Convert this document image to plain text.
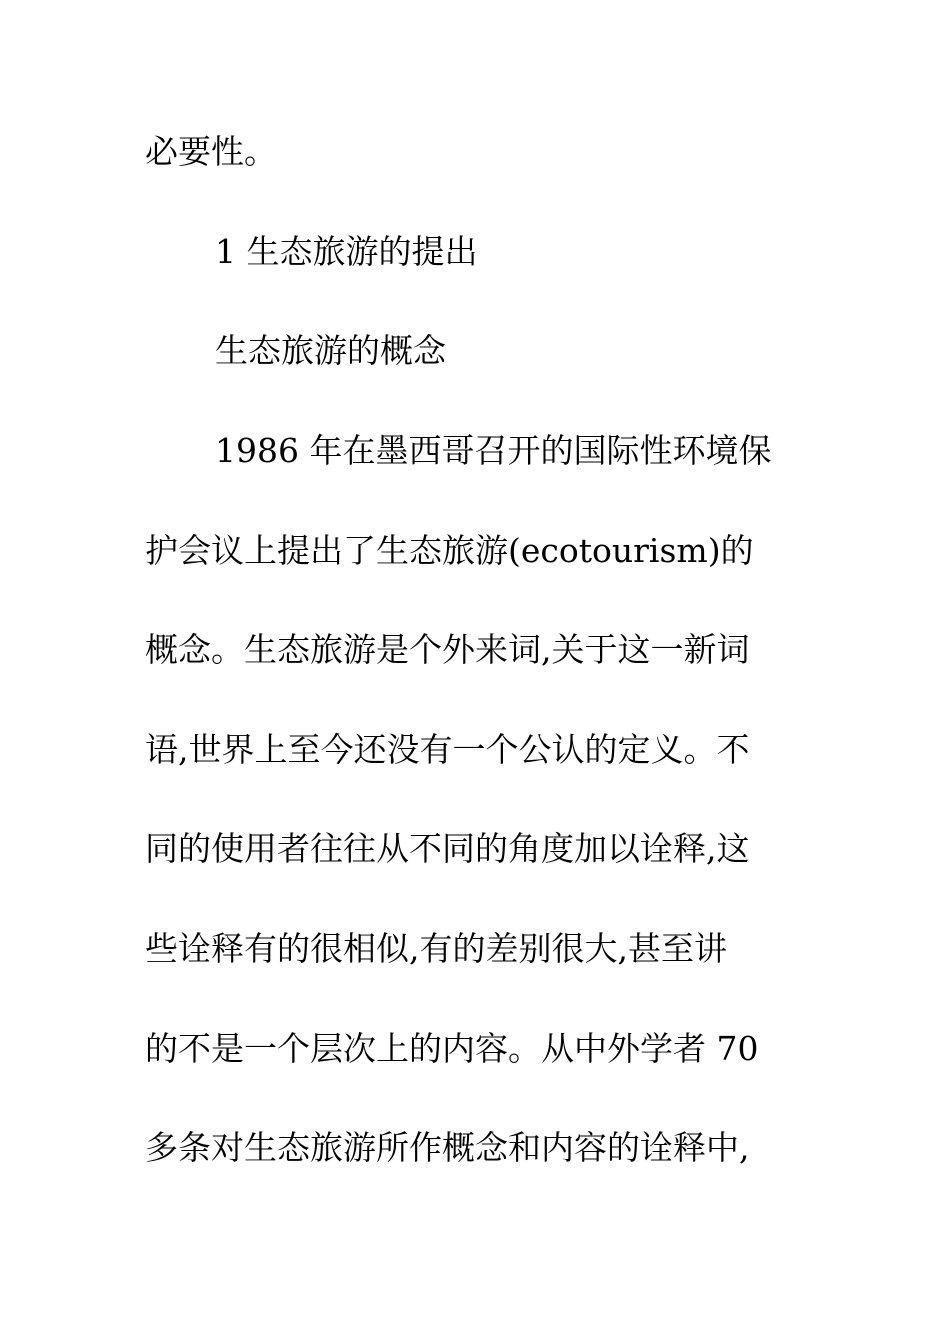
必要性。
1 生态旅游的提出
生态旅游的概念
1986 年在墨西哥召开的国际性环境保
护会议上提出了生态旅游(ecotourism)的
概念。生态旅游是个外来词,关于这一新词
语,世界上至今还没有一个公认的定义。不
同的使用者往往从不同的角度加以诠释,这
些诠释有的很相似,有的差别很大,甚至讲
的不是一个层次上的内容。从中外学者 70
多条对生态旅游所作概念和内容的诠释中,
